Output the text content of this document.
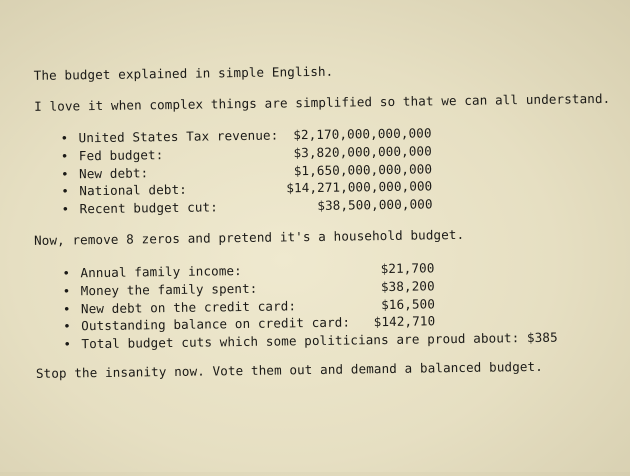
The budget explained in simple English.
I love it when complex things are simplified so that we can all understand.
• United States Tax revenue:	$2,170,000,000,000
• Fed budget:	$3,820,000,000,000
• New debt:	$1,650,000,000,000
• National debt:	$14,271,000,000,000
• Recent budget cut:	$38,500,000,000
Now, remove 8 zeros and pretend it's a household budget.
• Annual family income:	$21,700
• Money the family spent:	$38,200
• New debt on the credit card:	$16,500
• Outstanding balance on credit card:	$142,710
• Total budget cuts which some politicians are proud about: $385
Stop the insanity now. Vote them out and demand a balanced budget.
